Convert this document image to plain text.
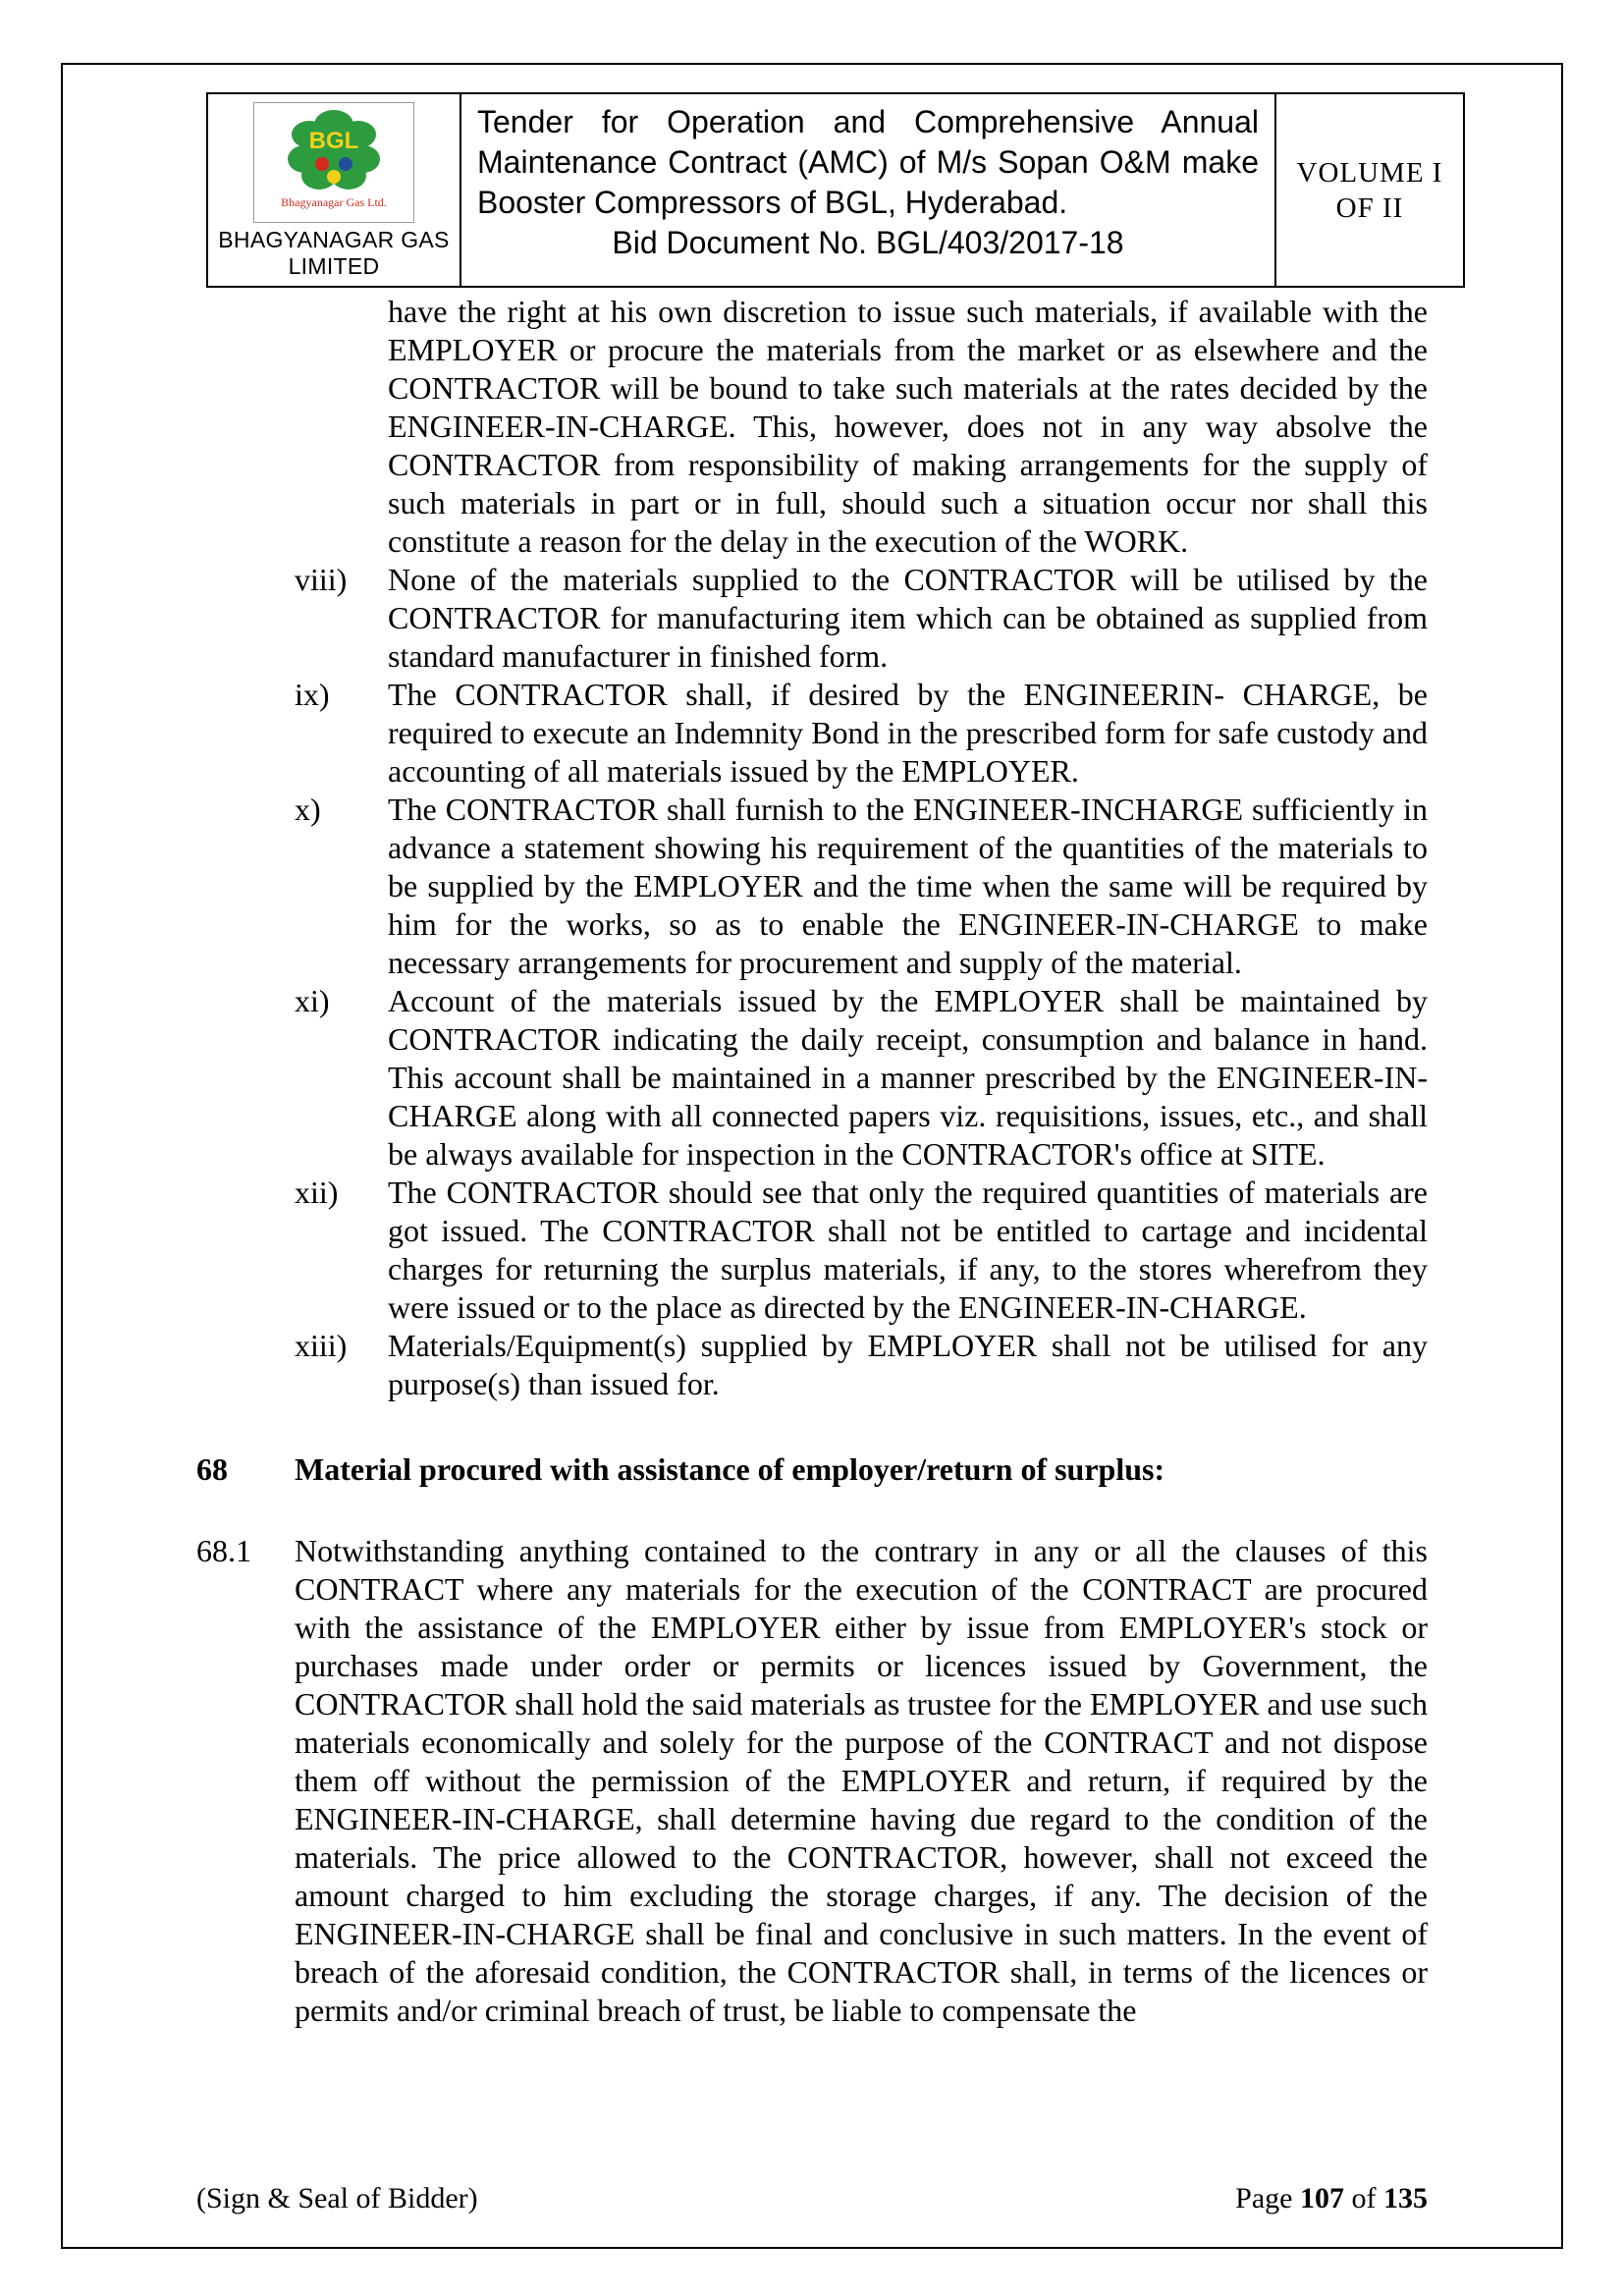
BGL
Bhagyanagar Gas Ltd.
BHAGYANAGAR GAS LIMITED
Tender for Operation and Comprehensive Annual Maintenance Contract (AMC) of M/s Sopan O&M make Booster Compressors of BGL, Hyderabad.
Bid Document No. BGL/403/2017-18
VOLUME I
OF II

have the right at his own discretion to issue such materials, if available with the EMPLOYER or procure the materials from the market or as elsewhere and the CONTRACTOR will be bound to take such materials at the rates decided by the ENGINEER-IN-CHARGE. This, however, does not in any way absolve the CONTRACTOR from responsibility of making arrangements for the supply of such materials in part or in full, should such a situation occur nor shall this constitute a reason for the delay in the execution of the WORK.

viii)	None of the materials supplied to the CONTRACTOR will be utilised by the CONTRACTOR for manufacturing item which can be obtained as supplied from standard manufacturer in finished form.
ix)	The CONTRACTOR shall, if desired by the ENGINEERIN- CHARGE, be required to execute an Indemnity Bond in the prescribed form for safe custody and accounting of all materials issued by the EMPLOYER.
x)	The CONTRACTOR shall furnish to the ENGINEER-INCHARGE sufficiently in advance a statement showing his requirement of the quantities of the materials to be supplied by the EMPLOYER and the time when the same will be required by him for the works, so as to enable the ENGINEER-IN-CHARGE to make necessary arrangements for procurement and supply of the material.
xi)	Account of the materials issued by the EMPLOYER shall be maintained by CONTRACTOR indicating the daily receipt, consumption and balance in hand. This account shall be maintained in a manner prescribed by the ENGINEER-IN-CHARGE along with all connected papers viz. requisitions, issues, etc., and shall be always available for inspection in the CONTRACTOR's office at SITE.
xii)	The CONTRACTOR should see that only the required quantities of materials are got issued. The CONTRACTOR shall not be entitled to cartage and incidental charges for returning the surplus materials, if any, to the stores wherefrom they were issued or to the place as directed by the ENGINEER-IN-CHARGE.
xiii)	Materials/Equipment(s) supplied by EMPLOYER shall not be utilised for any purpose(s) than issued for.
68	Material procured with assistance of employer/return of surplus:
68.1	Notwithstanding anything contained to the contrary in any or all the clauses of this CONTRACT where any materials for the execution of the CONTRACT are procured with the assistance of the EMPLOYER either by issue from EMPLOYER's stock or purchases made under order or permits or licences issued by Government, the CONTRACTOR shall hold the said materials as trustee for the EMPLOYER and use such materials economically and solely for the purpose of the CONTRACT and not dispose them off without the permission of the EMPLOYER and return, if required by the ENGINEER-IN-CHARGE, shall determine having due regard to the condition of the materials. The price allowed to the CONTRACTOR, however, shall not exceed the amount charged to him excluding the storage charges, if any. The decision of the ENGINEER-IN-CHARGE shall be final and conclusive in such matters. In the event of breach of the aforesaid condition, the CONTRACTOR shall, in terms of the licences or permits and/or criminal breach of trust, be liable to compensate the
(Sign & Seal of Bidder)	Page 107 of 135
